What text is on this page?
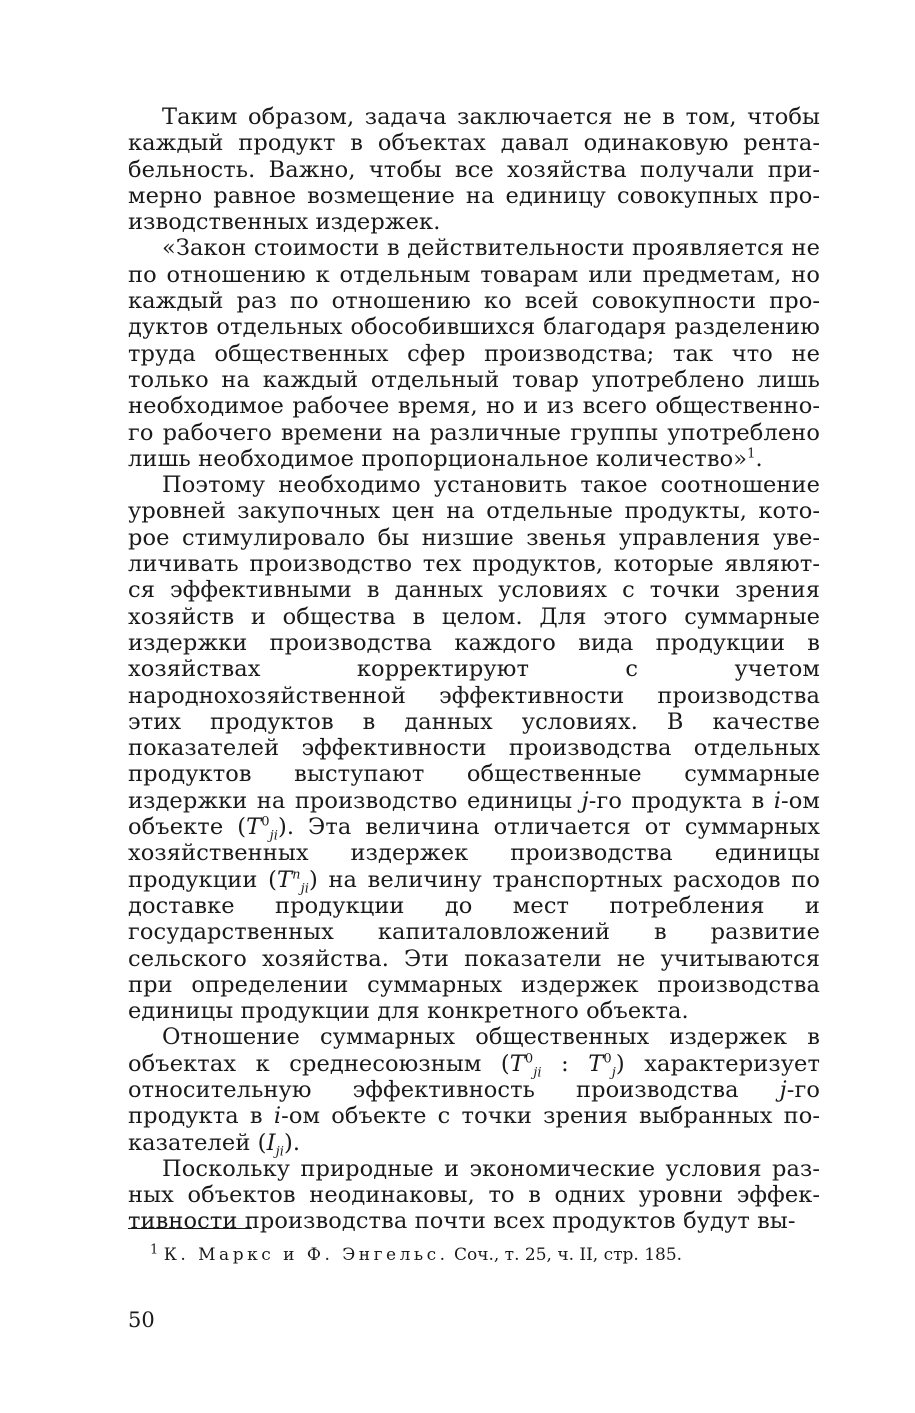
Таким образом, задача заключается не в том, чтобы каждый продукт в объектах давал одинаковую рентабельность. Важно, чтобы все хозяйства получали примерно равное возмещение на единицу совокупных производственных издержек.

«Закон стоимости в действительности проявляется не по отношению к отдельным товарам или предметам, но каждый раз по отношению ко всей совокупности продуктов отдельных обособившихся благодаря разделению труда общественных сфер производства; так что не только на каждый отдельный товар употреблено лишь необходимое рабочее время, но и из всего общественного рабочего времени на различные группы употреблено лишь необходимое пропорциональное количество»$^1$.

Поэтому необходимо установить такое соотношение уровней закупочных цен на отдельные продукты, которое стимулировало бы низшие звенья управления увеличивать производство тех продуктов, которые являются эффективными в данных условиях с точки зрения хозяйств и общества в целом. Для этого суммарные издержки производства каждого вида продукции в хозяйствах корректируют с учетом народнохозяйственной эффективности производства этих продуктов в данных условиях. В качестве показателей эффективности производства отдельных продуктов выступают общественные суммарные издержки на производство единицы j-го продукта в i-ом объекте $(T^0_{ji})$. Эта величина отличается от суммарных хозяйственных издержек производства единицы продукции $(T^n_{ji})$ на величину транспортных расходов по доставке продукции до мест потребления и государственных капиталовложений в развитие сельского хозяйства. Эти показатели не учитываются при определении суммарных издержек производства единицы продукции для конкретного объекта.

Отношение суммарных общественных издержек в объектах к среднесоюзным ($T^0_{ji}$ : $T^0_j$) характеризует относительную эффективность производства j-го продукта в i-ом объекте с точки зрения выбранных показателей $(I_{ji})$.

Поскольку природные и экономические условия разных объектов неодинаковы, то в одних уровни эффективности производства почти всех продуктов будут вы-

$^1$ К. Маркс и Ф. Энгельс. Соч., т. 25, ч. II, стр. 185.
50
